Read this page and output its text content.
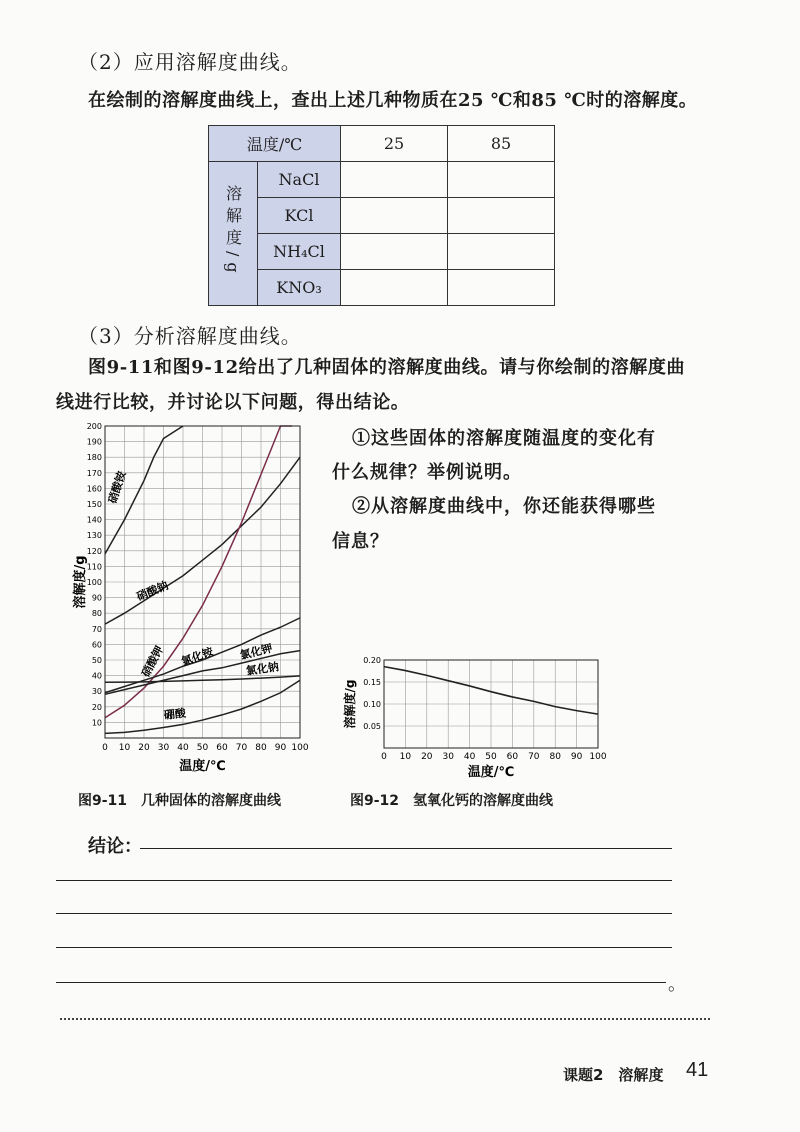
（2）应用溶解度曲线。
在绘制的溶解度曲线上，查出上述几种物质在25 ℃和85 ℃时的溶解度。
温度/℃		25	85
溶解度/g	NaCl		
	KCl		
	NH₄Cl		
	KNO₃		
（3）分析溶解度曲线。
图9-11和图9-12给出了几种固体的溶解度曲线。请与你绘制的溶解度曲
线进行比较，并讨论以下问题，得出结论。
①这些固体的溶解度随温度的变化有
什么规律？举例说明。
②从溶解度曲线中，你还能获得哪些
信息？
0 10 20 30 40 50 60 70 80 90 100
10
20
30
40
50
60
70
80
90
100
110
120
130
140
150
160
170
180
190
200
温度/℃
溶解度/g
硝酸铵
硝酸钠
硝酸钾 氯化铵 氯化钾
氯化钠
硼酸
图9-11　几种固体的溶解度曲线
0 10 20 30 40 50 60 70 80 90 100
0.05
0.10
0.15
0.20
温度/℃
溶解度/g
图9-12　氢氧化钙的溶解度曲线
结论：
。
课题2　溶解度 41
